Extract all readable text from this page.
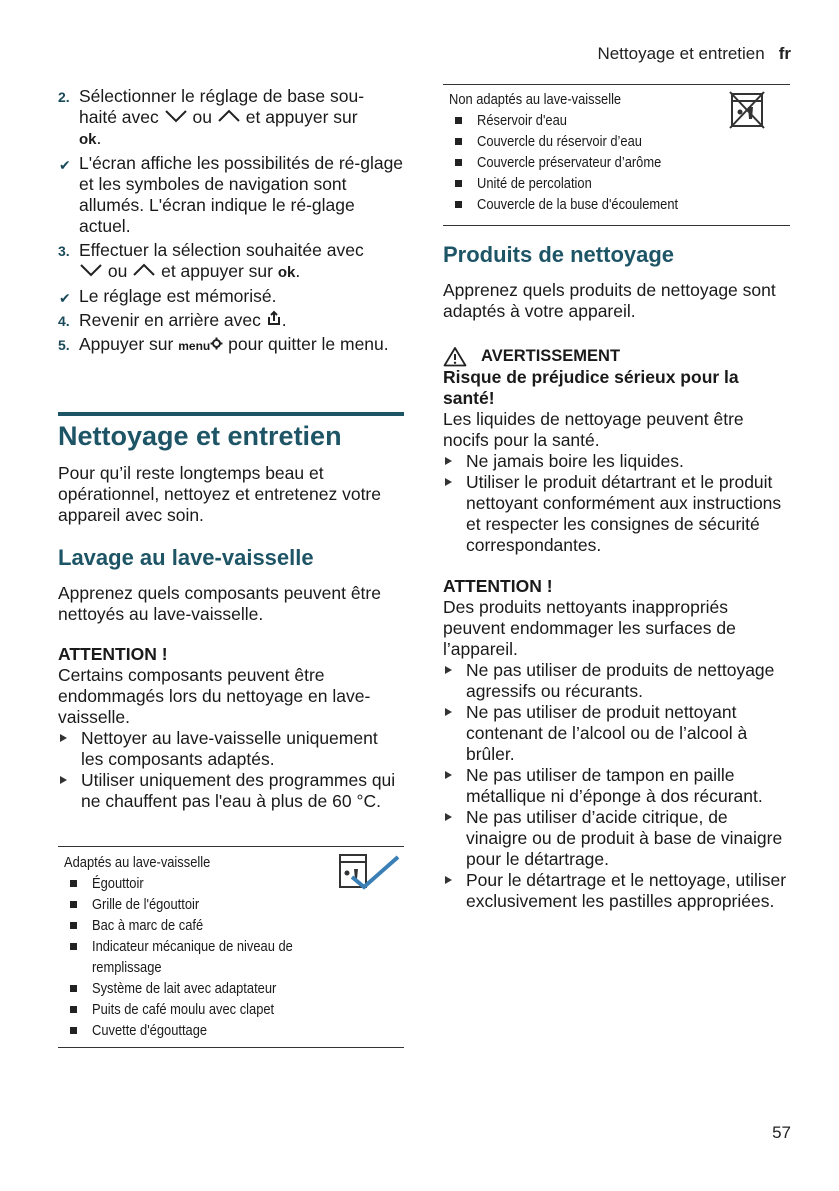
Nettoyage et entretien fr
2. Sélectionner le réglage de base sou-
haité avec ou et appuyer sur
ok.
✔ L'écran affiche les possibilités de ré-glage et les symboles de navigation sont allumés. L'écran indique le ré-glage actuel.
3. Effectuer la sélection souhaitée avec
ou et appuyer sur ok.
✔ Le réglage est mémorisé.
4. Revenir en arrière avec .
5. Appuyer sur menu pour quitter le menu.
Nettoyage et entretien

Pour qu’il reste longtemps beau et opérationnel, nettoyez et entretenez votre appareil avec soin.

Lavage au lave-vaisselle

Apprenez quels composants peuvent être nettoyés au lave-vaisselle.

ATTENTION !

Certains composants peuvent être endommagés lors du nettoyage en lave-vaisselle.

Nettoyer au lave-vaisselle uniquement les composants adaptés.
Utiliser uniquement des programmes qui ne chauffent pas l'eau à plus de 60 °C.
Adaptés au lave-vaisselle
Égouttoir
Grille de l'égouttoir
Bac à marc de café
Indicateur mécanique de niveau de remplissage
Système de lait avec adaptateur
Puits de café moulu avec clapet
Cuvette d'égouttage
Non adaptés au lave-vaisselle
Réservoir d'eau
Couvercle du réservoir d’eau
Couvercle préservateur d’arôme
Unité de percolation
Couvercle de la buse d'écoulement
Produits de nettoyage

Apprenez quels produits de nettoyage sont adaptés à votre appareil.

AVERTISSEMENT

Risque de préjudice sérieux pour la santé!

Les liquides de nettoyage peuvent être nocifs pour la santé.

Ne jamais boire les liquides.
Utiliser le produit détartrant et le produit nettoyant conformément aux instructions et respecter les consignes de sécurité correspondantes.

ATTENTION !

Des produits nettoyants inappropriés peuvent endommager les surfaces de l’appareil.

Ne pas utiliser de produits de nettoyage agressifs ou récurants.
Ne pas utiliser de produit nettoyant contenant de l’alcool ou de l’alcool à brûler.
Ne pas utiliser de tampon en paille métallique ni d’éponge à dos récurant.
Ne pas utiliser d’acide citrique, de vinaigre ou de produit à base de vinaigre pour le détartrage.
Pour le détartrage et le nettoyage, utiliser exclusivement les pastilles appropriées.
57
